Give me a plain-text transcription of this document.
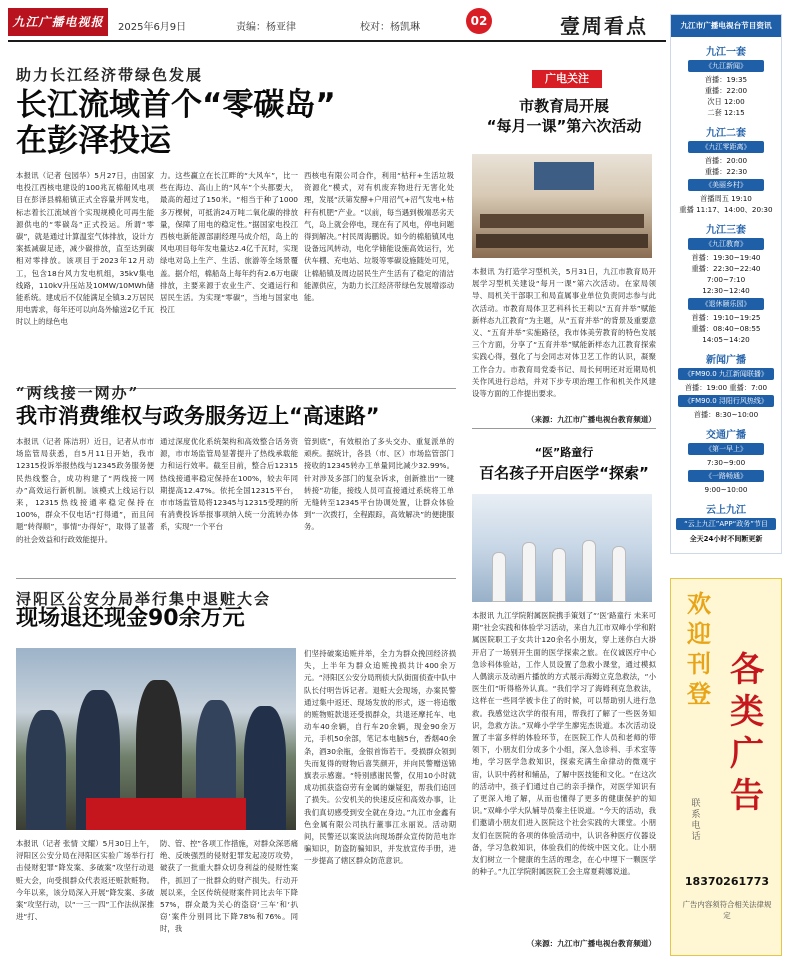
九江广播电视报	2025年6月9日	责编：杨亚律	校对：杨凯琳	02	壹周看点
助力长江经济带绿色发展
长江流域首个“零碳岛”
在彭泽投运
本报讯（记者 包园华）5月27日，由国家电投江西核电建设的100兆瓦棉船风电项目在彭泽县棉船镇正式全容量并网发电，标志着长江流域首个实现规模化可再生能源供电的“零碳岛”正式投运。所谓“零碳”，就是通过计算温室气体排放，设计方案抵减碳足迹，减少碳排放，直至达到碳相对零排放。该项目于2023年12月动工，包含18台风力发电机组，35kV集电线路，110kV升压站及10MW/10MWh储能系统。建成后不仅能满足全镇3.2万居民用电需求，每年还可以向岛外输送2亿千瓦时以上的绿色电
力。这些赢立在长江畔的“大风车”，比一些在海边、高山上的“风车”个头都要大，最高的超过了150米。“相当于种了1000多万棵树，可抵消24万吨二氧化碳的排放量，保障了用电的稳定性。”据国家电投江西核电新能源部副经理马成介绍，岛上的风电项目每年发电量达2.4亿千瓦时，实现绿电对岛上生产、生活、旅游等全场景覆盖。据介绍，棉船岛上每年约有2.6万电碳排放，主要来源于农业生产、交通运行和居民生活。为实现“零碳”，当地与国家电投江
西核电有限公司合作，利用“枯秆+生活垃圾资源化”模式，对有机废弃物进行无害化处理，发展“沃第发酵+户用沼气+沼气发电+枯秆有机肥”产业。“以前，每当遇到极端恶劣天气，岛上就会停电，现在有了风电，停电问题得到解决。”村民周海鹏说。如今的棉船镇风电设备远风转动，电化学储能设施高效运行，光伏车棚、充电站、垃圾等零碳设施随处可见，让棉船镇及周边居民生产生活有了稳定的清洁能源供应，为助力长江经济带绿色发展增添动能。
“两线接一网办”
我市消费维权与政务服务迈上“高速路”
本报讯（记者 陈洁玥）近日，记者从市市场监管局获悉，自5月11日开始，我市12315投诉举报热线与12345政务服务便民热线整合，成功构建了“两线接一网办”高效运行新机制。该模式上线运行以来，12315热线接通率稳定保持在100%，群众不仅电话“打得通”，而且问题“转得顺”，事情“办得好”，取得了显著的社会效益和行政效能提升。
通过深度优化系统架构和高效整合话务资源，市市场监管局显著提升了热线承载能力和运行效率。截至目前，整合后12315热线接通率稳定保持在100%，较去年同期提高12.47%。依托全国12315平台，市市场监管局将12345与12315受理的所有消费投诉举报事项纳入统一分流转办体系，实现“一个平台
管到底”，有效根治了多头交办、重复派单的顽疾。据统计，各县（市、区）市场监管部门接收的12345转办工单量同比减少32.99%。针对涉及多部门的复杂诉求，创新推出“一键转接”功能，接线人员可直接通过系统将工单无缝转至12345平台协调处置，让群众体验到“一次拨打，全程跟踪，高效解决”的便捷服务。
浔阳区公安分局举行集中退赃大会
现场退还现金90余万元
们坚持破案追赃并举，全力为群众挽回经济损失，上半年为群众追赃挽损共计400余万元。“浔阳区公安分局刑侦大队街面侦查中队中队长付明告诉记者。退赃大会现场，办案民警通过集中返还、现场发放的形式，逐一将追缴的赃物赃款退还受损群众，共退还摩托车、电动车40余辆，自行车20余辆，现金90余万元，手机50余部，笔记本电脑5台，香烟40余条，酒30余瓶，金银首饰若干。受损群众领到失而复得的财物后喜笑颜开，并向民警赠送锦旗表示感谢。“特别感谢民警，仅用10小时就成功抓获盗窃劳有金属的嫌疑犯，帮我们追回了损失。公安机关的快速反应和高效办事，让我们真切感受到安全就在身边。”九江市金鑫有色金属有限公司执行董事江永丽说。活动期间，民警还以案说法向现场群众宣传防范电诈骗知识，防盗防骗知识，并发放宣传手册，进一步提高了辖区群众防范意识。
本报讯（记者 张情 文耀）5月30日上午，浔阳区公安分局在浔阳区实验广场举行打击侵财犯罪“降发案、多破案”攻坚行动退赃大会，向受损群众代表返还赃款赃物。今年以来，该分局深入开展“降发案、多破案”攻坚行动，以“一三一四”工作法纵深推进“打、
防、管、控”各项工作措施，对群众深恶痛绝、反映强烈的侵财犯罪发起凌厉攻势，破获了一批重大群众切身利益的侵财性案件，抓回了一批群众的财产损失。行动开展以来，全区传统侵财案件同比去年下降57%，群众最为关心的盗窃‘三车’和‘扒窃’案件分别同比下降78%和76%。同时，我
广电关注
市教育局开展
“每月一课”第六次活动
本报讯 为打造学习型机关，5月31日，九江市教育局开展学习型机关建设“每月一课”第六次活动。在家局领导、局机关干部职工和局直属事业单位负责同志参与此次活动。市教育局体卫艺科科长王莉以“五育并举”赋能新样态九江教育”为主题，从“五育并举”的背景及重要意义、“五育并举”实施路径，我市体美劳教育的特色发展三个方面，分享了“五育并举”赋能新样态九江教育探索实践心得，强化了与会同志对体卫艺工作的认识，凝聚工作合力。市教育局党委书记、局长何明还对近期局机关作风进行总结，并对下步专项治理工作和机关作风建设等方面的工作提出要求。
（来源：九江市广播电视台教育频道）
“医”路童行
百名孩子开启医学“探索”
本报讯 九江学院附属医院携手策划了“‘医’路童行 未来可期”社会实践和体验学习活动，来自九江市双峰小学和附属医院职工子女共计120余名小朋友，穿上迷你白大褂开启了一场别开生面的医学探索之旅。在仪诚医疗中心急诊科体验站，工作人员设置了急救小课堂，通过模拟人偶演示及动画片播放的方式展示海姆立克急救法，“小医生们”听得格外认真。“我们学习了海姆利克急救法，这样在一些同学被卡住了的时候，可以帮助别人进行急救。我感觉这次学的很有用，帮我打了解了一些医务知识，急救方法。”双峰小学学生廖宪杰说道。本次活动设置了丰富多样的体验环节，在医院工作人员和老师的带领下，小朋友们分成多个小组，深入急诊科、手术室等地，学习医学急救知识，探索充满生命律动的微观宇宙，认识中药材和辅品，了解中医技能和文化。“在这次的活动中，孩子们通过自己的亲手操作，对医学知识有了更深入地了解，从而也懂得了更多的健康保护的知识。”双峰小学大队辅导员秦主任说道。“今天的活动，我们邀请小朋友们进入医院这个社会实践的大课堂。小朋友们在医院的各项的体验活动中，认识各种医疗仪器设备，学习急救知识，体验我们的传统中医文化。让小朋友们树立一个健康的生活的理念，在心中埋下一颗医学的种子。”九江学院附属医院工会主席夏莉娜说道。
（来源：九江市广播电视台教育频道）
九江市广播电视台节目资讯
九江一套
《九江新闻》
首播：19:35
重播：22:00
次日 12:00
二套 12:15
九江二套
《九江零距离》
首播：20:00
重播：22:30
《美丽乡村》
首播周五 19:10
重播 11:17、14:00、20:30
九江三套
《九江教育》
首播：19:30~19:40
重播：22:30~22:40
7:00~7:10
12:30~12:40
《退休颐乐园》
首播：19:10~19:25
重播：08:40~08:55
14:05~14:20
新闻广播
《FM90.0 九江新闻联播》
首播：19:00 重播：7:00
《FM90.0 浔阳行风热线》
首播：8:30~10:00
交通广播
《第一早上》
7:30~9:00
《一路畅通》
9:00~10:00
云上九江
“云上九江”APP“政务”节目
全天24小时不间断更新
欢迎刊登
各类广告
联系电话
18370261773
广告内容须符合相关法律规定
